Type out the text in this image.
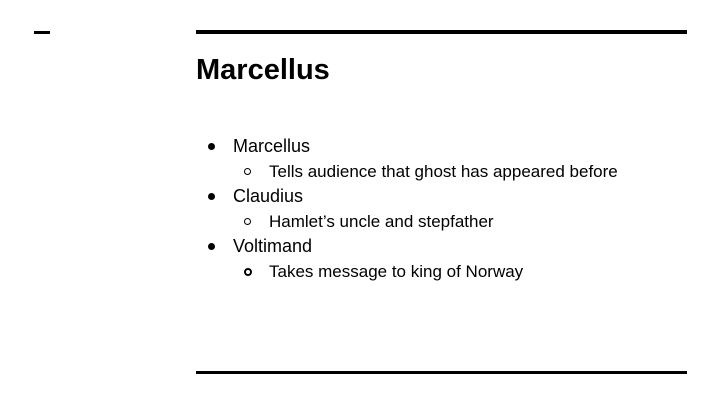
Marcellus
Marcellus
Tells audience that ghost has appeared before
Claudius
Hamlet’s uncle and stepfather
Voltimand
Takes message to king of Norway
